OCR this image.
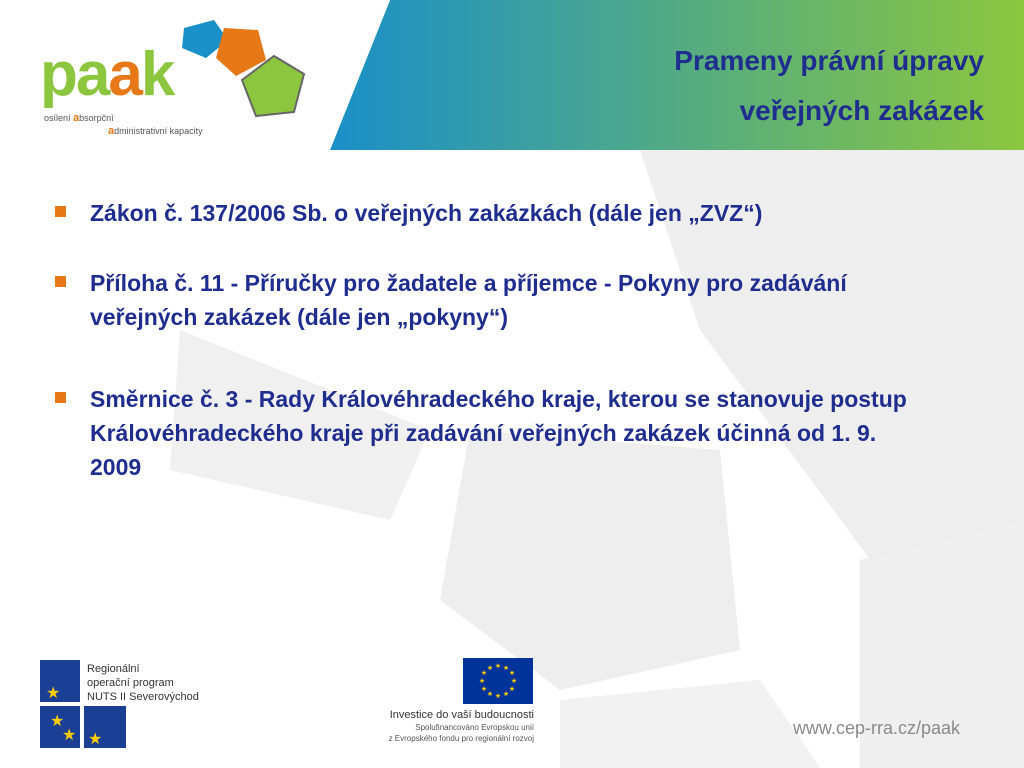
paak
osílení absorpční
administrativní kapacity
Prameny právní úpravy
veřejných zakázek
Zákon č. 137/2006 Sb. o veřejných zakázkách (dále jen „ZVZ“)
Příloha č. 11 - Příručky pro žadatele a příjemce - Pokyny pro zadávání veřejných zakázek (dále jen „pokyny“)
Směrnice č. 3 - Rady Královéhradeckého kraje, kterou se stanovuje postup Královéhradeckého kraje při zadávání veřejných zakázek účinná od 1. 9. 2009
★
★
★ ★
Regionální
operační program
NUTS II Severovýchod
★ ★
★
★
★
★
★
★
★
★
★
★
Investice do vaší budoucnosti
Spolufinancováno Evropskou unií
z Evropského fondu pro regionální rozvoj
www.cep-rra.cz/paak
